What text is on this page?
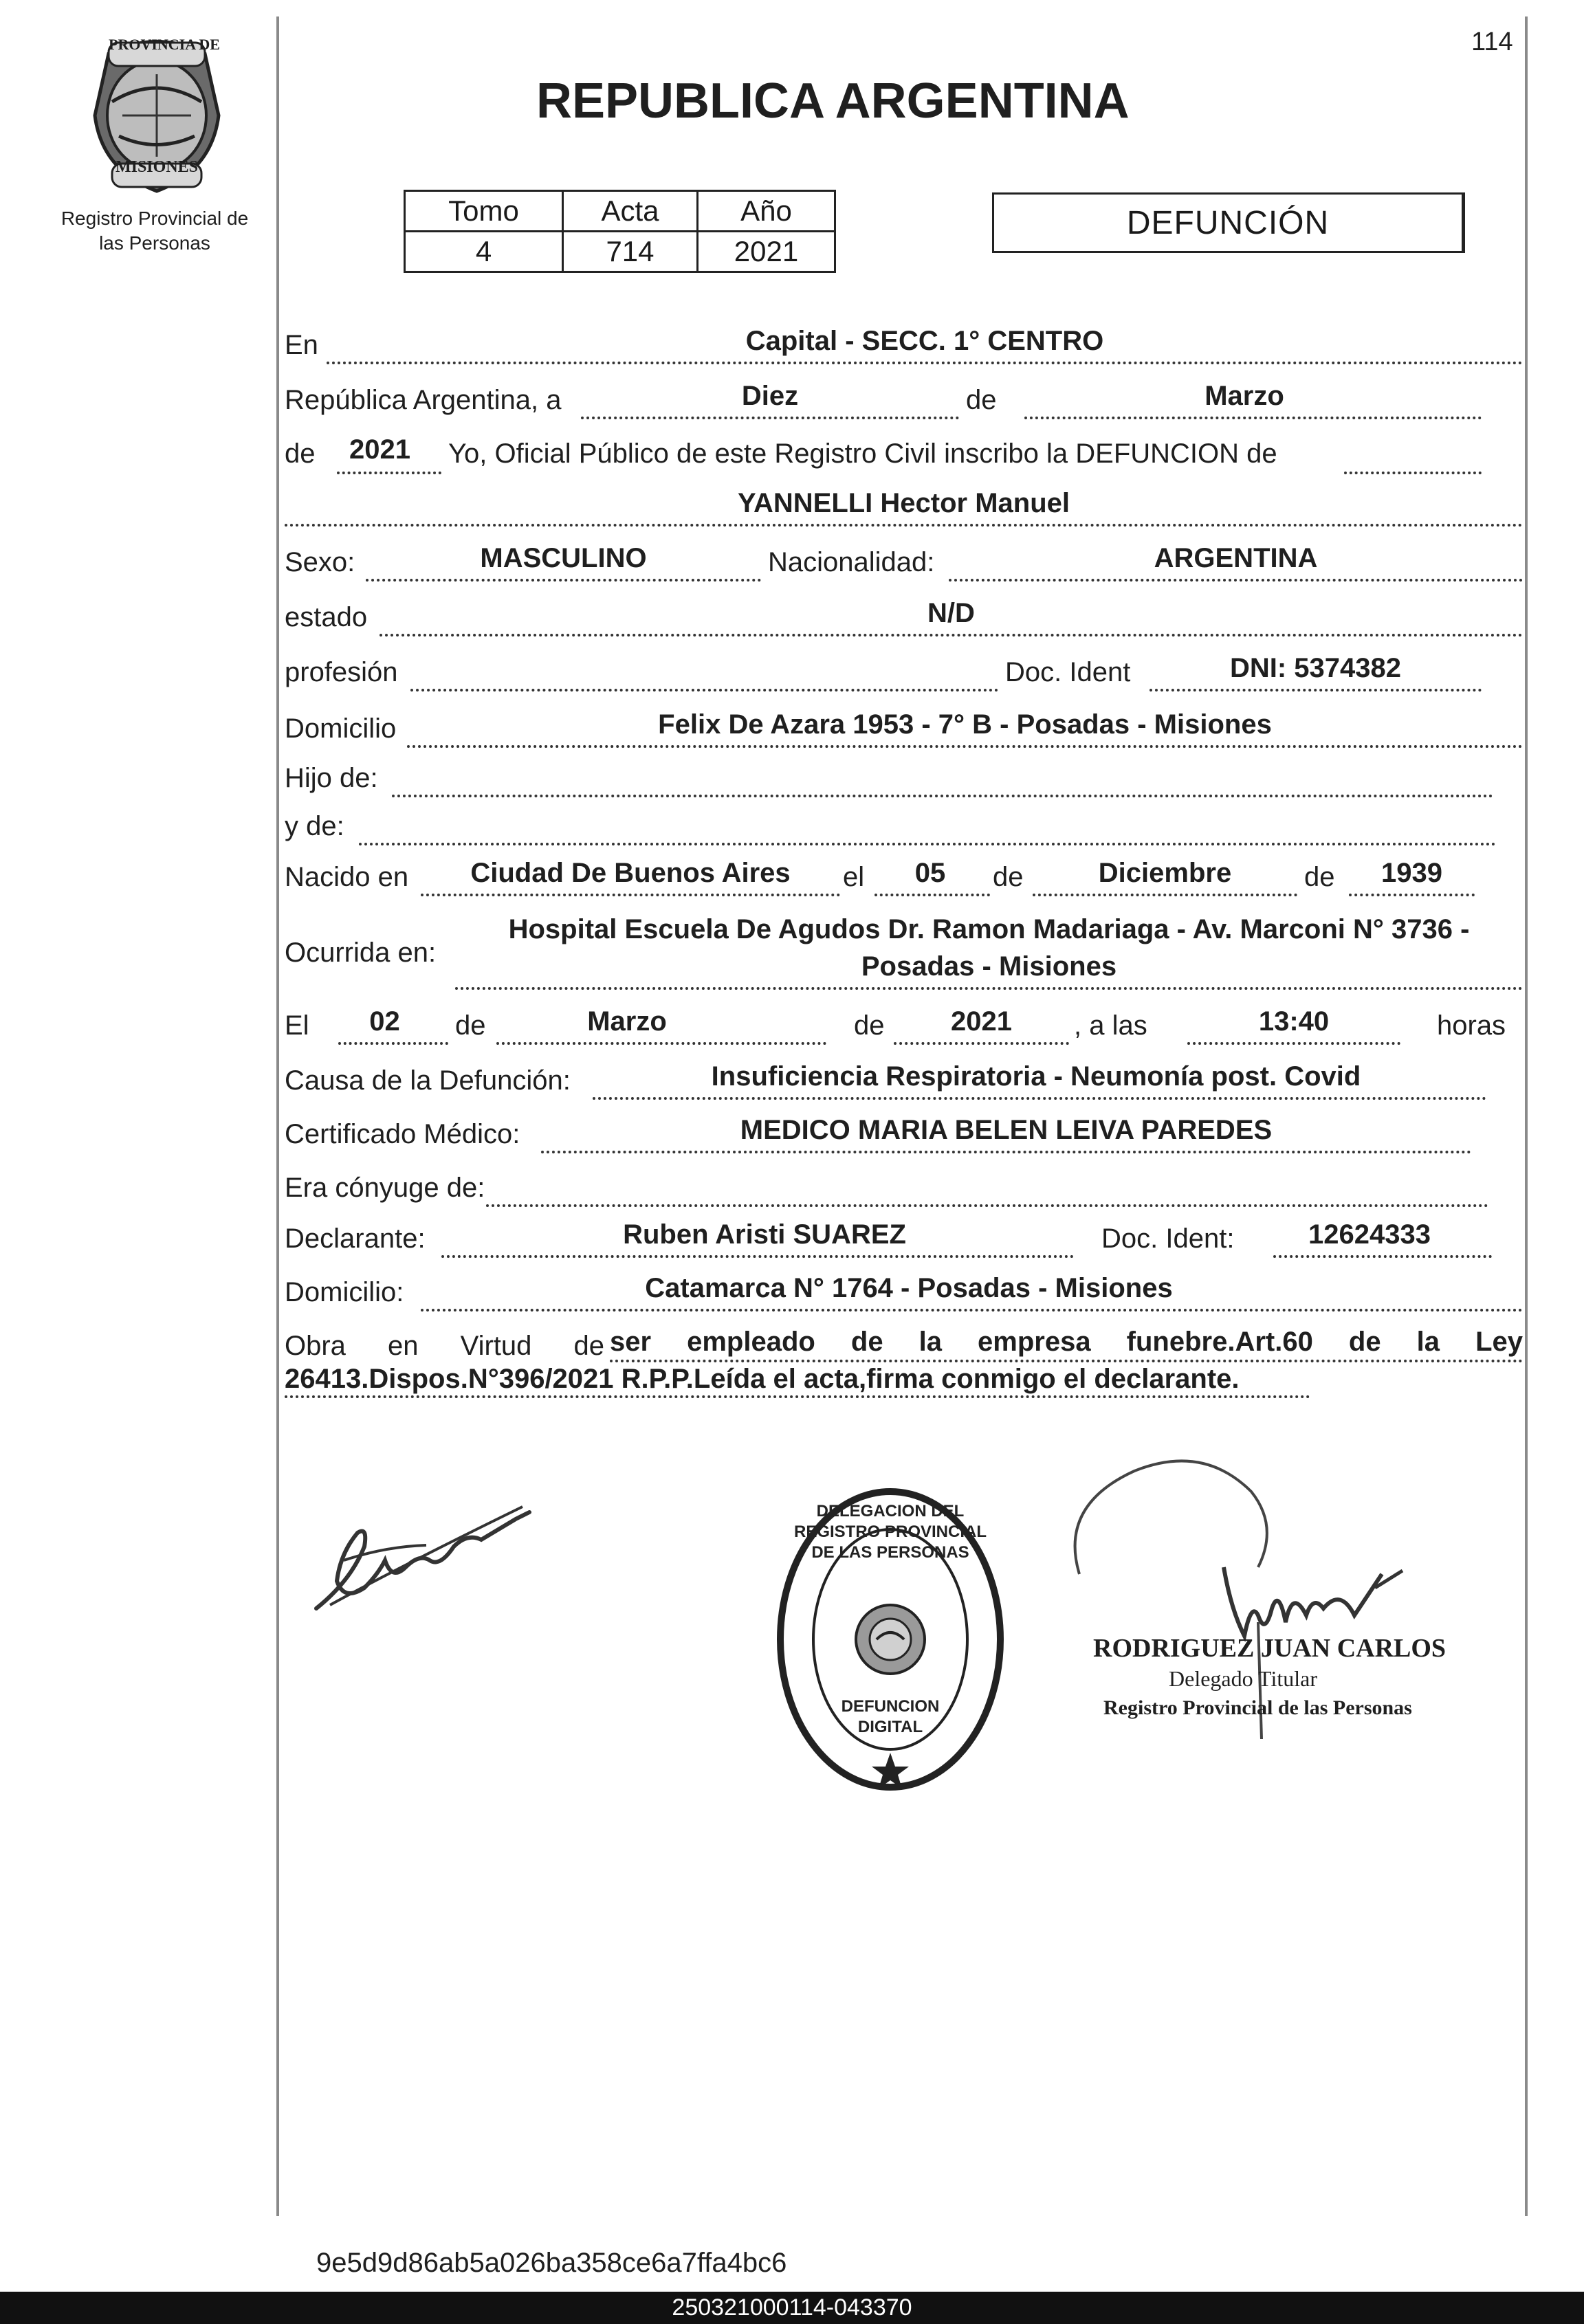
114
PROVINCIA DE
MISIONES
Registro Provincial de
las Personas
REPUBLICA ARGENTINA
Tomo	Acta	Año
4	714	2021
DEFUNCIÓN
En	Capital - SECC. 1° CENTRO
República Argentina, a	Diez	de	Marzo
de	2021	Yo, Oficial Público de este Registro Civil inscribo la DEFUNCION de
YANNELLI Hector Manuel
Sexo:	MASCULINO	Nacionalidad:	ARGENTINA
estado	N/D
profesión	Doc. Ident	DNI: 5374382
Domicilio	Felix De Azara 1953 - 7° B - Posadas - Misiones
Hijo de:
y de:
Nacido en	Ciudad De Buenos Aires	el	05	de	Diciembre	de	1939
Ocurrida en:
Hospital Escuela De Agudos Dr. Ramon Madariaga - Av. Marconi N° 3736 -
Posadas - Misiones
El	02	de	Marzo	de	2021	, a las	13:40	horas
Causa de la Defunción:	Insuficiencia Respiratoria - Neumonía post. Covid
Certificado Médico:	MEDICO MARIA BELEN LEIVA PAREDES
Era cónyuge de:
Declarante:	Ruben Aristi SUAREZ	Doc. Ident:	12624333
Domicilio:	Catamarca N° 1764 - Posadas - Misiones
Obra en Virtud de ser empleado de la empresa funebre.Art.60 de la Ley
26413.Dispos.N°396/2021 R.P.P.Leída el acta,firma conmigo el declarante.
DELEGACION DEL REGISTRO PROVINCIAL DE LAS PERSONAS
DEFUNCION DIGITAL
RODRIGUEZ JUAN CARLOS
Delegado Titular
Registro Provincial de las Personas
9e5d9d86ab5a026ba358ce6a7ffa4bc6
250321000114-043370
